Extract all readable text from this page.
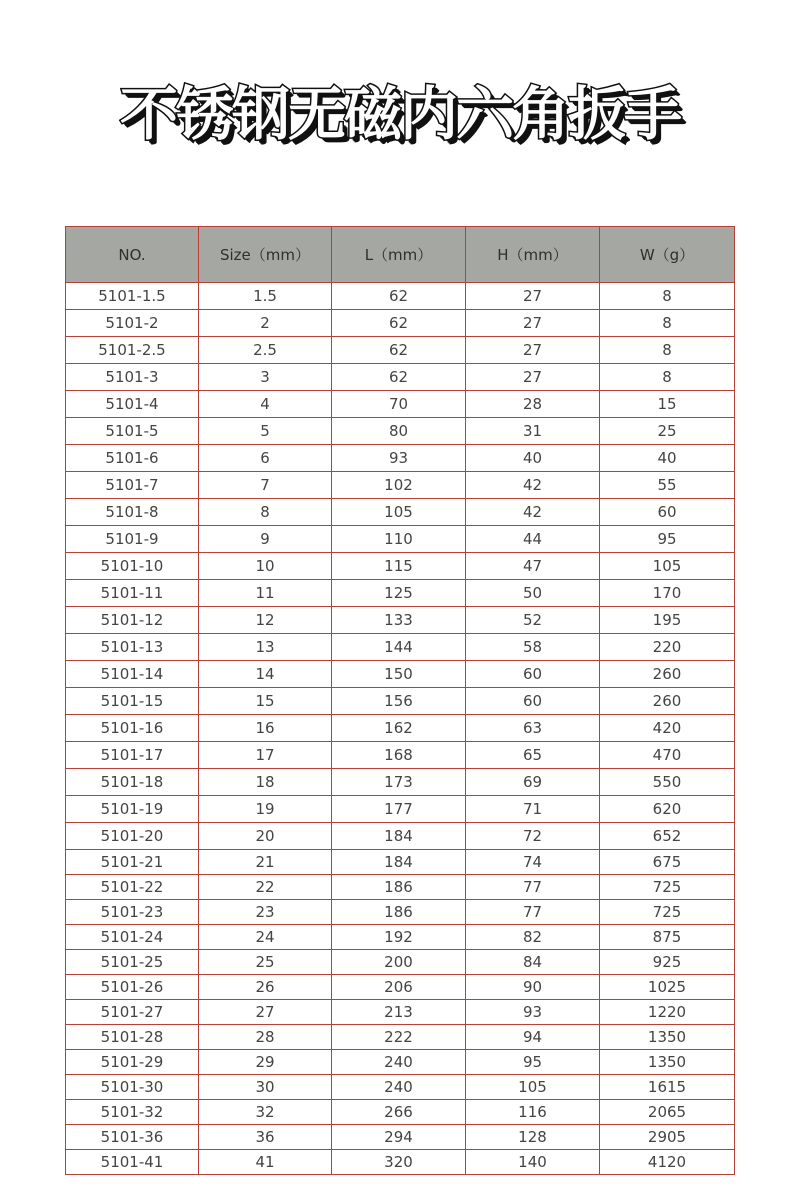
不锈钢无磁内六角扳手
NO.	Size（mm）	L（mm）	H（mm）	W（g）
5101-1.5	1.5	62	27	8
5101-2	2	62	27	8
5101-2.5	2.5	62	27	8
5101-3	3	62	27	8
5101-4	4	70	28	15
5101-5	5	80	31	25
5101-6	6	93	40	40
5101-7	7	102	42	55
5101-8	8	105	42	60
5101-9	9	110	44	95
5101-10	10	115	47	105
5101-11	11	125	50	170
5101-12	12	133	52	195
5101-13	13	144	58	220
5101-14	14	150	60	260
5101-15	15	156	60	260
5101-16	16	162	63	420
5101-17	17	168	65	470
5101-18	18	173	69	550
5101-19	19	177	71	620
5101-20	20	184	72	652
5101-21	21	184	74	675
5101-22	22	186	77	725
5101-23	23	186	77	725
5101-24	24	192	82	875
5101-25	25	200	84	925
5101-26	26	206	90	1025
5101-27	27	213	93	1220
5101-28	28	222	94	1350
5101-29	29	240	95	1350
5101-30	30	240	105	1615
5101-32	32	266	116	2065
5101-36	36	294	128	2905
5101-41	41	320	140	4120
